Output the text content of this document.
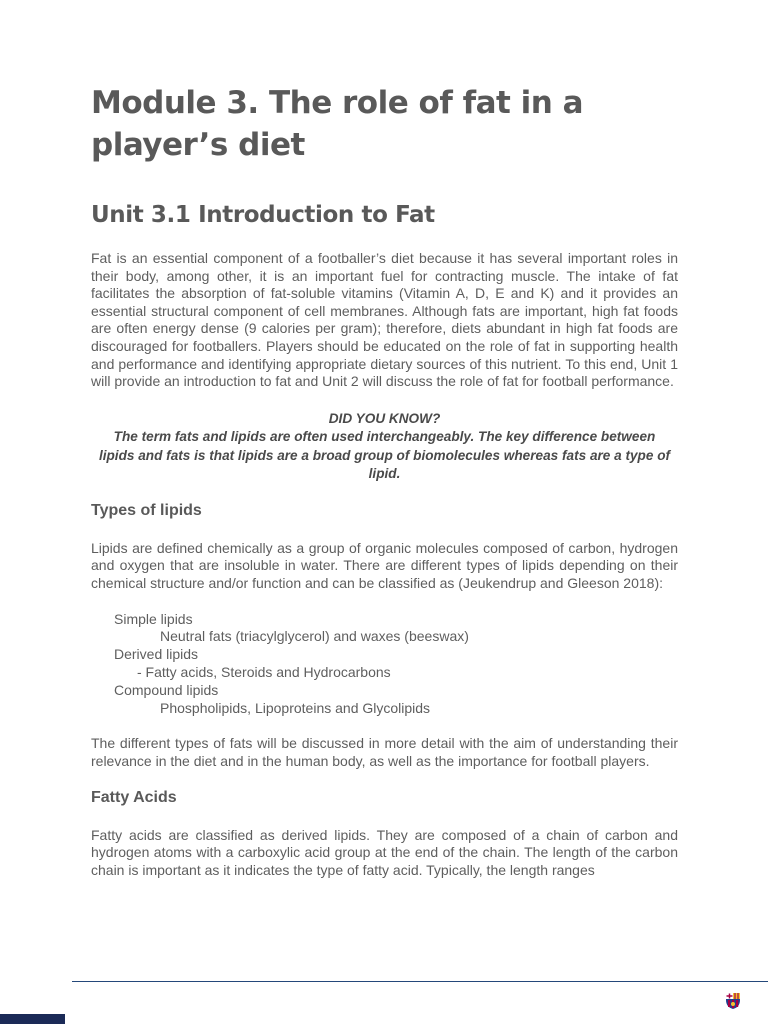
Module 3. The role of fat in a player’s diet
Unit 3.1 Introduction to Fat

Fat is an essential component of a footballer’s diet because it has several important roles in their body, among other, it is an important fuel for contracting muscle. The intake of fat facilitates the absorption of fat-soluble vitamins (Vitamin A, D, E and K) and it provides an essential structural component of cell membranes. Although fats are important, high fat foods are often energy dense (9 calories per gram); therefore, diets abundant in high fat foods are discouraged for footballers. Players should be educated on the role of fat in supporting health and performance and identifying appropriate dietary sources of this nutrient. To this end, Unit 1 will provide an introduction to fat and Unit 2 will discuss the role of fat for football performance.

DID YOU KNOW?
The term fats and lipids are often used interchangeably. The key difference between lipids and fats is that lipids are a broad group of biomolecules whereas fats are a type of lipid.
Types of lipids

Lipids are defined chemically as a group of organic molecules composed of carbon, hydrogen and oxygen that are insoluble in water. There are different types of lipids depending on their chemical structure and/or function and can be classified as (Jeukendrup and Gleeson 2018):

Simple lipids
Neutral fats (triacylglycerol) and waxes (beeswax)
Derived lipids
- Fatty acids, Steroids and Hydrocarbons
Compound lipids
Phospholipids, Lipoproteins and Glycolipids

The different types of fats will be discussed in more detail with the aim of understanding their relevance in the diet and in the human body, as well as the importance for football players.

Fatty Acids

Fatty acids are classified as derived lipids. They are composed of a chain of carbon and hydrogen atoms with a carboxylic acid group at the end of the chain. The length of the carbon chain is important as it indicates the type of fatty acid. Typically, the length ranges
